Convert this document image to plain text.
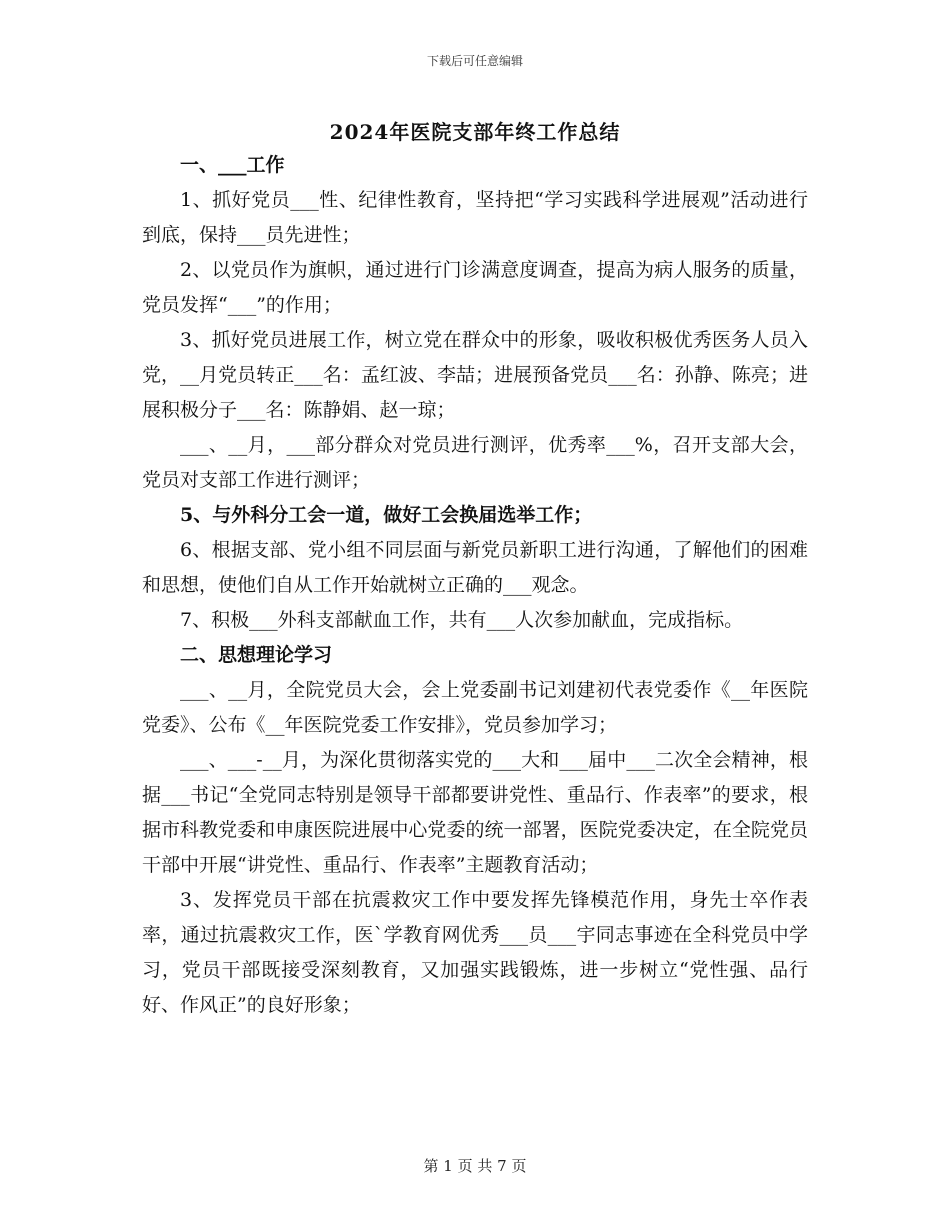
下载后可任意编辑
2024年医院支部年终工作总结

一、___工作

1、抓好党员___性、纪律性教育，坚持把“学习实践科学进展观”活动进行到底，保持___员先进性；

2、以党员作为旗帜，通过进行门诊满意度调查，提高为病人服务的质量，党员发挥“___”的作用；

3、抓好党员进展工作，树立党在群众中的形象，吸收积极优秀医务人员入党，__月党员转正___名：孟红波、李喆；进展预备党员___名：孙静、陈亮；进展积极分子___名：陈静娟、赵一琼；

___、__月，___部分群众对党员进行测评，优秀率___%，召开支部大会，党员对支部工作进行测评；

5、与外科分工会一道，做好工会换届选举工作；

6、根据支部、党小组不同层面与新党员新职工进行沟通，了解他们的困难和思想，使他们自从工作开始就树立正确的___观念。

7、积极___外科支部献血工作，共有___人次参加献血，完成指标。

二、思想理论学习

___、__月，全院党员大会，会上党委副书记刘建初代表党委作《__年医院党委》、公布《__年医院党委工作安排》，党员参加学习；

___、___-__月，为深化贯彻落实党的___大和___届中___二次全会精神，根据___书记“全党同志特别是领导干部都要讲党性、重品行、作表率”的要求，根据市科教党委和申康医院进展中心党委的统一部署，医院党委决定，在全院党员干部中开展“讲党性、重品行、作表率”主题教育活动；

3、发挥党员干部在抗震救灾工作中要发挥先锋模范作用，身先士卒作表率，通过抗震救灾工作，医`学教育网优秀___员___宇同志事迹在全科党员中学习，党员干部既接受深刻教育，又加强实践锻炼，进一步树立“党性强、品行好、作风正”的良好形象；

第 1 页 共 7 页
